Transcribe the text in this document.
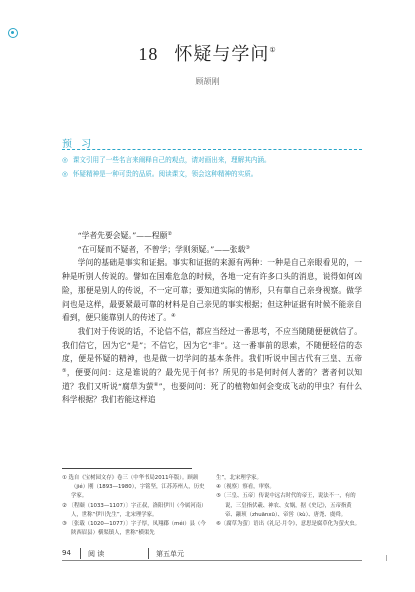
18 怀疑与学问①
顾颉刚
预 习
◎ 课文引用了一些名言来阐释自己的观点，请对画出来，理解其内涵。
◎ 怀疑精神是一种可贵的品质。阅读课文，领会这种精神的实质。

“学者先要会疑。”——程颐②

“在可疑而不疑者，不曾学；学则须疑。”——张载③

学问的基础是事实和证据。事实和证据的来源有两种：一种是自己亲眼看见的，一种是听别人传说的。譬如在国难危急的时候，各地一定有许多口头的消息，说得如何凶险，那便是别人的传说，不一定可靠；要知道实际的情形，只有靠自己亲身视察。做学问也是这样，最要紧最可靠的材料是自己亲见的事实根据；但这种证据有时候不能亲自看到，便只能靠别人的传述了。④

我们对于传说的话，不论信不信，都应当经过一番思考，不应当随随便便就信了。我们信它，因为它“是”；不信它，因为它“非”。这一番事前的思索，不随便轻信的态度，便是怀疑的精神，也是做一切学问的基本条件。我们听说中国古代有三皇、五帝⑤，便要问问：这是谁说的？最先见于何书？所见的书是何时何人著的？著者何以知道？我们又听说“腐草为萤⑥”，也要问问：死了的植物如何会变成飞动的甲虫？有什么科学根据？我们若能这样追

① 选自《宝树园文存》卷三（中华书局2011年版）。顾颉（jié）刚（1893—1980），字铭坚，江苏苏州人，历史学家。
② 〔程颐（1033—1107）〕字正叔，洛阳伊川（今属河南）人，世称“伊川先生”，北宋理学家。
③ 〔张载（1020—1077）〕字子厚，凤翔郿（méi）县（今陕西眉县）横渠镇人，世称“横渠先
生”，北宋理学家。
④〔视察〕察看，审察。
⑤〔三皇、五帝〕传说中远古时代的帝王，说法不一，有的说，三皇指伏羲、神农、女娲，据《史记》，五帝指黄帝、颛顼（zhuānxū）、帝喾（kù）、唐尧、虞舜。
⑥〔腐草为萤〕语出《礼记·月令》，意思是腐草化为萤火虫。
94 阅 读	第五单元
